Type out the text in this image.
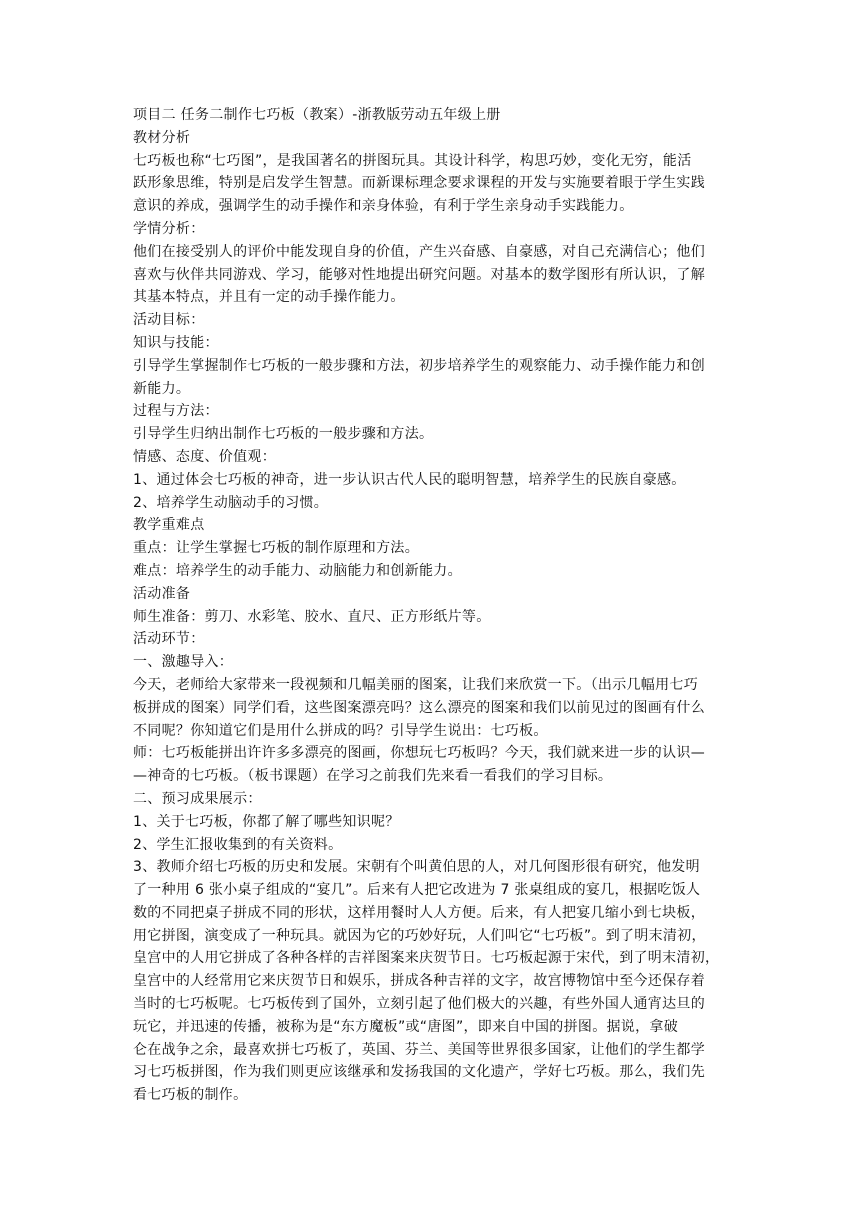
项目二 任务二制作七巧板（教案）-浙教版劳动五年级上册
教材分析
七巧板也称“七巧图”，是我国著名的拼图玩具。其设计科学，构思巧妙，变化无穷，能活
跃形象思维，特别是启发学生智慧。而新课标理念要求课程的开发与实施要着眼于学生实践
意识的养成，强调学生的动手操作和亲身体验，有利于学生亲身动手实践能力。
学情分析：
他们在接受别人的评价中能发现自身的价值，产生兴奋感、自豪感，对自己充满信心；他们
喜欢与伙伴共同游戏、学习，能够对性地提出研究问题。对基本的数学图形有所认识，了解
其基本特点，并且有一定的动手操作能力。
活动目标：
知识与技能：
引导学生掌握制作七巧板的一般步骤和方法，初步培养学生的观察能力、动手操作能力和创
新能力。
过程与方法：
引导学生归纳出制作七巧板的一般步骤和方法。
情感、态度、价值观：
1、通过体会七巧板的神奇，进一步认识古代人民的聪明智慧，培养学生的民族自豪感。
2、培养学生动脑动手的习惯。
教学重难点
重点：让学生掌握七巧板的制作原理和方法。
难点：培养学生的动手能力、动脑能力和创新能力。
活动准备
师生准备：剪刀、水彩笔、胶水、直尺、正方形纸片等。
活动环节：
一、激趣导入：
今天，老师给大家带来一段视频和几幅美丽的图案，让我们来欣赏一下。（出示几幅用七巧
板拼成的图案）同学们看，这些图案漂亮吗？这么漂亮的图案和我们以前见过的图画有什么
不同呢？你知道它们是用什么拼成的吗？引导学生说出：七巧板。
师：七巧板能拼出许许多多漂亮的图画，你想玩七巧板吗？今天，我们就来进一步的认识—
—神奇的七巧板。（板书课题）在学习之前我们先来看一看我们的学习目标。
二、预习成果展示：
1、关于七巧板，你都了解了哪些知识呢？
2、学生汇报收集到的有关资料。
3、教师介绍七巧板的历史和发展。宋朝有个叫黄伯思的人，对几何图形很有研究，他发明
了一种用 6 张小桌子组成的“宴几”。后来有人把它改进为 7 张桌组成的宴几，根据吃饭人
数的不同把桌子拼成不同的形状，这样用餐时人人方便。后来，有人把宴几缩小到七块板，
用它拼图，演变成了一种玩具。就因为它的巧妙好玩，人们叫它“七巧板”。到了明末清初，
皇宫中的人用它拼成了各种各样的吉祥图案来庆贺节日。七巧板起源于宋代，到了明末清初，
皇宫中的人经常用它来庆贺节日和娱乐，拼成各种吉祥的文字，故宫博物馆中至今还保存着
当时的七巧板呢。七巧板传到了国外，立刻引起了他们极大的兴趣，有些外国人通宵达旦的
玩它，并迅速的传播，被称为是“东方魔板”或“唐图”，即来自中国的拼图。据说，拿破
仑在战争之余，最喜欢拼七巧板了，英国、芬兰、美国等世界很多国家，让他们的学生都学
习七巧板拼图，作为我们则更应该继承和发扬我国的文化遗产，学好七巧板。那么，我们先
看七巧板的制作。
